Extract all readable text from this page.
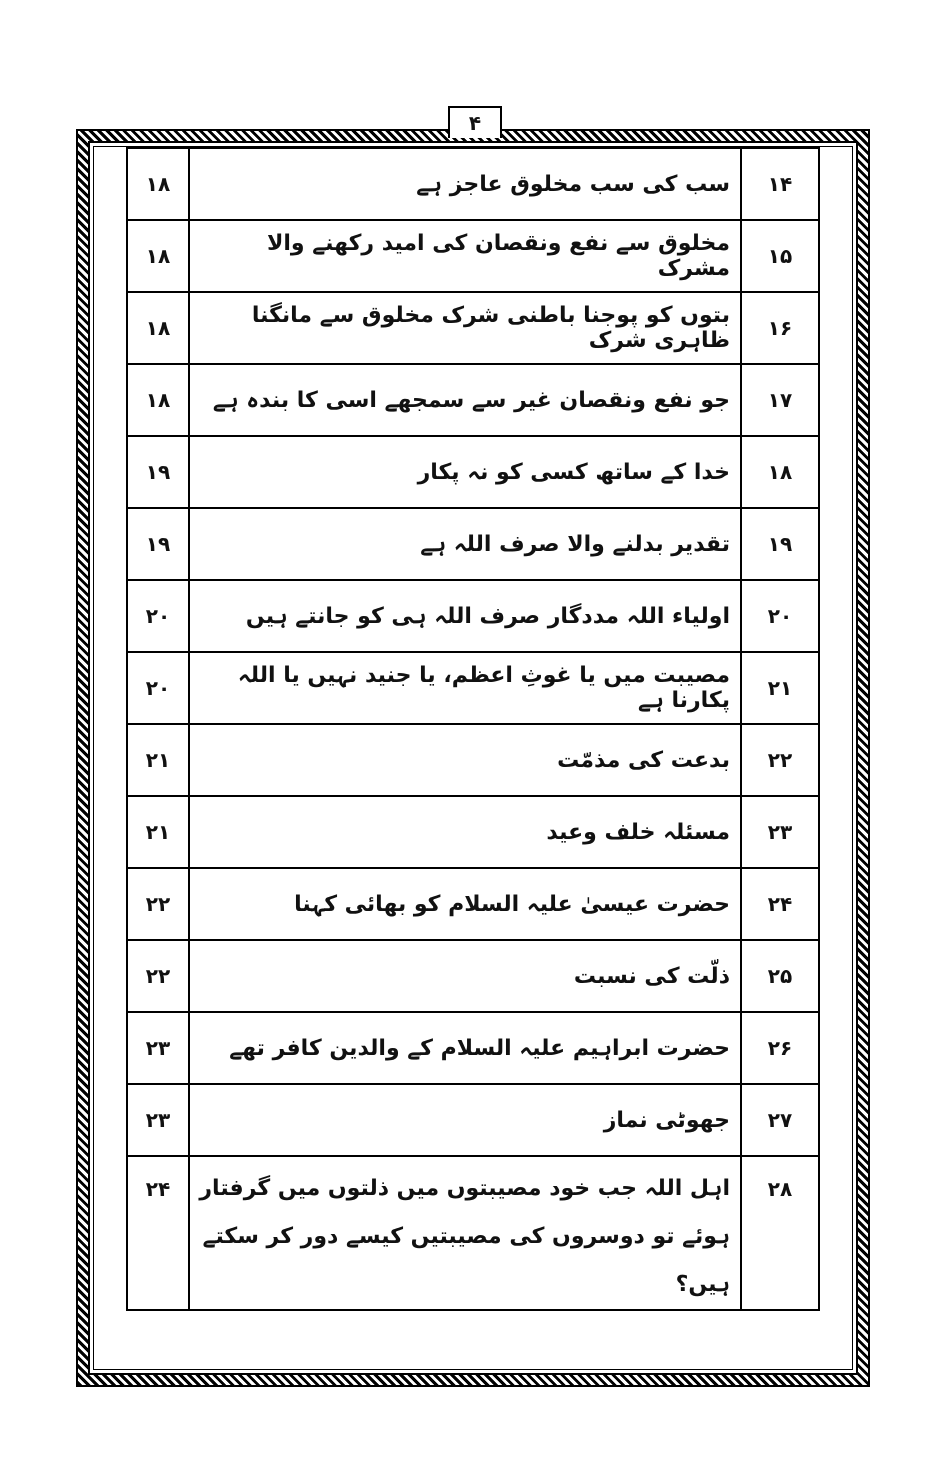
۴
۱۴	سب کی سب مخلوق عاجز ہے	۱۸
۱۵	مخلوق سے نفع ونقصان کی امید رکھنے والا مشرک	۱۸
۱۶	بتوں کو پوجنا باطنی شرک مخلوق سے مانگنا ظاہری شرک	۱۸
۱۷	جو نفع ونقصان غیر سے سمجھے اسی کا بندہ ہے	۱۸
۱۸	خدا کے ساتھ کسی کو نہ پکار	۱۹
۱۹	تقدیر بدلنے والا صرف اللہ ہے	۱۹
۲۰	اولیاء اللہ مددگار صرف اللہ ہی کو جانتے ہیں	۲۰
۲۱	مصیبت میں یا غوثِ اعظم، یا جنید نہیں یا اللہ پکارنا ہے	۲۰
۲۲	بدعت کی مذمّت	۲۱
۲۳	مسئلہ خلف وعید	۲۱
۲۴	حضرت عیسیٰ علیہ السلام کو بھائی کہنا	۲۲
۲۵	ذلّت کی نسبت	۲۲
۲۶	حضرت ابراہیم علیہ السلام کے والدین کافر تھے	۲۳
۲۷	جھوٹی نماز	۲۳
۲۸	اہل اللہ جب خود مصیبتوں میں ذلتوں میں گرفتار ہوئے تو دوسروں کی مصیبتیں کیسے دور کر سکتے ہیں؟	۲۴
